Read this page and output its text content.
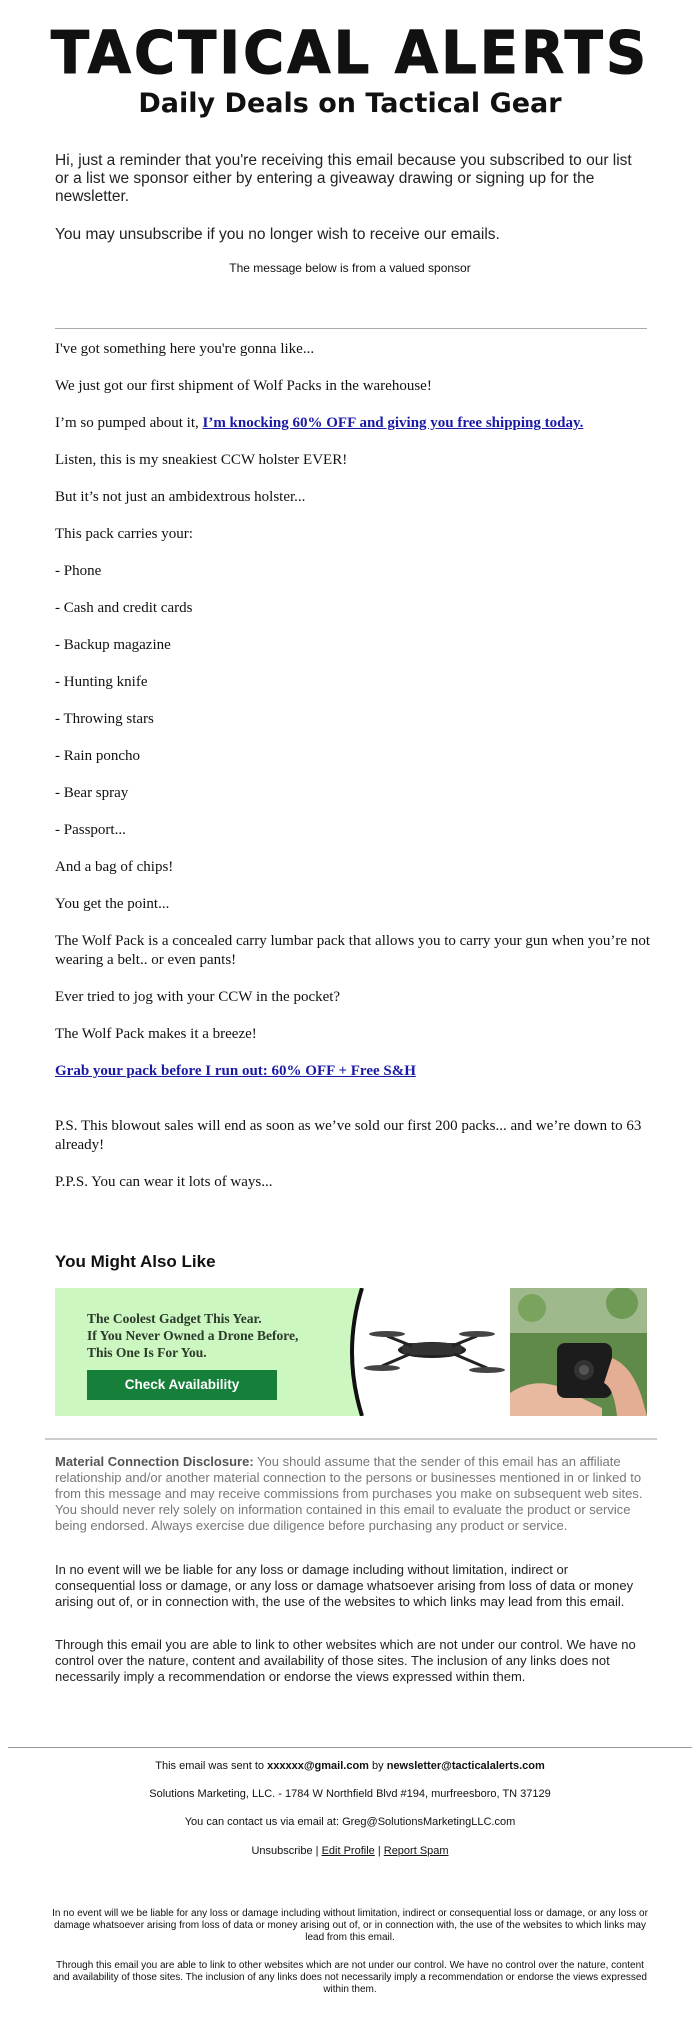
TACTICAL ALERTS
Daily Deals on Tactical Gear
Hi, just a reminder that you're receiving this email because you subscribed to our list or a list we sponsor either by entering a giveaway drawing or signing up for the newsletter.
You may unsubscribe if you no longer wish to receive our emails.
The message below is from a valued sponsor
I've got something here you're gonna like...
We just got our first shipment of Wolf Packs in the warehouse!
I’m so pumped about it, I’m knocking 60% OFF and giving you free shipping today.
Listen, this is my sneakiest CCW holster EVER!
But it’s not just an ambidextrous holster...
This pack carries your:
- Phone
- Cash and credit cards
- Backup magazine
- Hunting knife
- Throwing stars
- Rain poncho
- Bear spray
- Passport...
And a bag of chips!
You get the point...
The Wolf Pack is a concealed carry lumbar pack that allows you to carry your gun when you’re not wearing a belt.. or even pants!
Ever tried to jog with your CCW in the pocket?
The Wolf Pack makes it a breeze!
Grab your pack before I run out: 60% OFF + Free S&H
P.S. This blowout sales will end as soon as we’ve sold our first 200 packs... and we’re down to 63 already!
P.P.S. You can wear it lots of ways...
You Might Also Like
The Coolest Gadget This Year.
If You Never Owned a Drone Before,
This One Is For You.
Check Availability
Material Connection Disclosure: You should assume that the sender of this email has an affiliate relationship and/or another material connection to the persons or businesses mentioned in or linked to from this message and may receive commissions from purchases you make on subsequent web sites. You should never rely solely on information contained in this email to evaluate the product or service being endorsed. Always exercise due diligence before purchasing any product or service.
In no event will we be liable for any loss or damage including without limitation, indirect or consequential loss or damage, or any loss or damage whatsoever arising from loss of data or money arising out of, or in connection with, the use of the websites to which links may lead from this email.
Through this email you are able to link to other websites which are not under our control. We have no control over the nature, content and availability of those sites. The inclusion of any links does not necessarily imply a recommendation or endorse the views expressed within them.
This email was sent to xxxxxx@gmail.com by newsletter@tacticalalerts.com
Solutions Marketing, LLC. - 1784 W Northfield Blvd #194, murfreesboro, TN 37129
You can contact us via email at: Greg@SolutionsMarketingLLC.com
Unsubscribe | Edit Profile | Report Spam
In no event will we be liable for any loss or damage including without limitation, indirect or consequential loss or damage, or any loss or damage whatsoever arising from loss of data or money arising out of, or in connection with, the use of the websites to which links may lead from this email.
Through this email you are able to link to other websites which are not under our control. We have no control over the nature, content and availability of those sites. The inclusion of any links does not necessarily imply a recommendation or endorse the views expressed within them.
